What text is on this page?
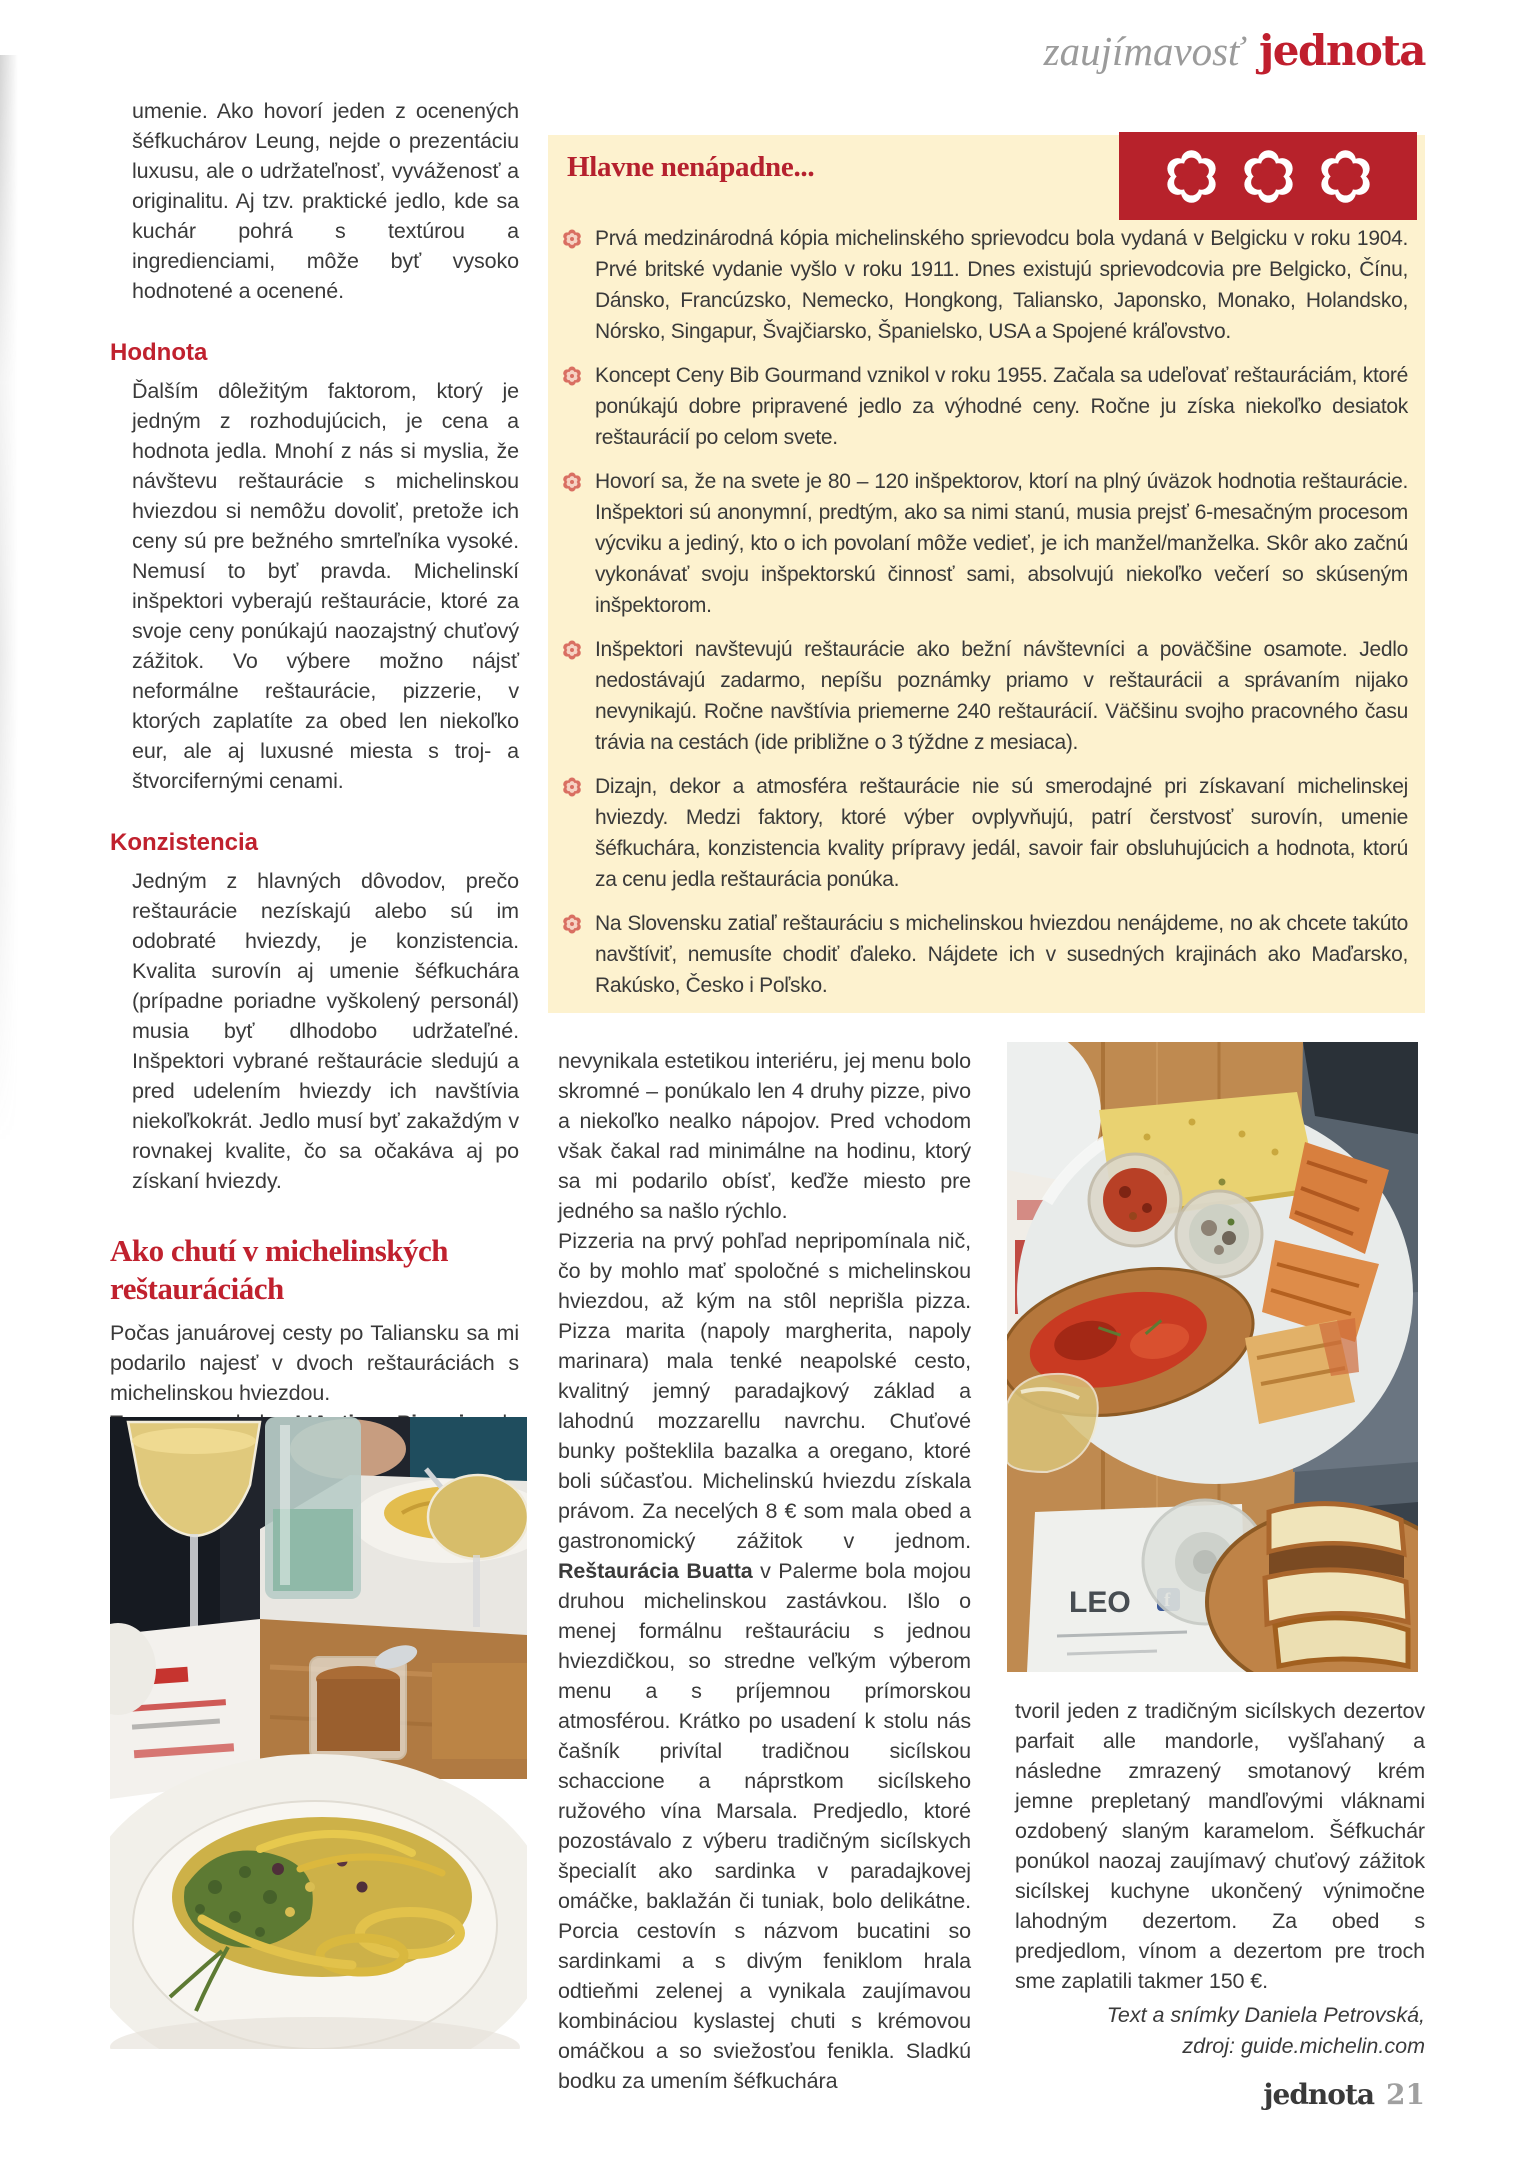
zaujímavosť jednota

umenie. Ako hovorí jeden z ocenených šéfkuchárov Leung, nejde o prezentáciu luxusu, ale o udržateľnosť, vyváženosť a originalitu. Aj tzv. praktické jedlo, kde sa kuchár pohrá s textúrou a ingredienciami, môže byť vysoko hodnotené a ocenené.

Hodnota

Ďalším dôležitým faktorom, ktorý je jedným z rozhodujúcich, je cena a hodnota jedla. Mnohí z nás si myslia, že návštevu reštaurácie s michelinskou hviezdou si nemôžu dovoliť, pretože ich ceny sú pre bežného smrteľníka vysoké. Nemusí to byť pravda. Michelinskí inšpektori vyberajú reštaurácie, ktoré za svoje ceny ponúkajú naozajstný chuťový zážitok. Vo výbere možno nájsť neformálne reštaurácie, pizzerie, v ktorých zaplatíte za obed len niekoľko eur, ale aj luxusné miesta s troj- a štvorcifernými cenami.

Konzistencia

Jedným z hlavných dôvodov, prečo reštaurácie nezískajú alebo sú im odobraté hviezdy, je konzistencia. Kvalita surovín aj umenie šéfkuchára (prípadne poriadne vyškolený personál) musia byť dlhodobo udržateľné. Inšpektori vybrané reštaurácie sledujú a pred udelením hviezdy ich navštívia niekoľkokrát. Jedlo musí byť zakaždým v rovnakej kvalite, čo sa očakáva aj po získaní hviezdy.

Ako chutí v michelinských reštauráciách

Počas januárovej cesty po Taliansku sa mi podarilo najesť v dvoch reštauráciách s michelinskou hviezdou.

Hlavne nenápadne...
Prvá medzinárodná kópia michelinského sprievodcu bola vydaná v Belgicku v roku 1904. Prvé britské vydanie vyšlo v roku 1911. Dnes existujú sprievodcovia pre Belgicko, Čínu, Dánsko, Francúzsko, Nemecko, Hongkong, Taliansko, Japonsko, Monako, Holandsko, Nórsko, Singapur, Švajčiarsko, Španielsko, USA a Spojené kráľovstvo.
Koncept Ceny Bib Gourmand vznikol v roku 1955. Začala sa udeľovať reštauráciám, ktoré ponúkajú dobre pripravené jedlo za výhodné ceny. Ročne ju získa niekoľko desiatok reštaurácií po celom svete.
Hovorí sa, že na svete je 80 – 120 inšpektorov, ktorí na plný úväzok hodnotia reštaurácie. Inšpektori sú anonymní, predtým, ako sa nimi stanú, musia prejsť 6-mesačným procesom výcviku a jediný, kto o ich povolaní môže vedieť, je ich manžel/manželka. Skôr ako začnú vykonávať svoju inšpektorskú činnosť sami, absolvujú niekoľko večerí so skúseným inšpektorom.
Inšpektori navštevujú reštaurácie ako bežní návštevníci a poväčšine osamote. Jedlo nedostávajú zadarmo, nepíšu poznámky priamo v reštaurácii a správaním nijako nevynikajú. Ročne navštívia priemerne 240 reštaurácií. Väčšinu svojho pracovného času trávia na cestách (ide približne o 3 týždne z mesiaca).
Dizajn, dekor a atmosféra reštaurácie nie sú smerodajné pri získavaní michelinskej hviezdy. Medzi faktory, ktoré výber ovplyvňujú, patrí čerstvosť surovín, umenie šéfkuchára, konzistencia kvality prípravy jedál, savoir fair obsluhujúcich a hodnota, ktorú za cenu jedla reštaurácia ponúka.
Na Slovensku zatiaľ reštauráciu s michelinskou hviezdou nenájdeme, no ak chcete takúto navštíviť, nemusíte chodiť ďaleko. Nájdete ich v susedných krajinách ako Maďarsko, Rakúsko, Česko i Poľsko.

nevynikala estetikou interiéru, jej menu bolo skromné – ponúkalo len 4 druhy pizze, pivo a niekoľko nealko nápojov. Pred vchodom však čakal rad minimálne na hodinu, ktorý sa mi podarilo obísť, keďže miesto pre jedného sa našlo rýchlo.

Pizzeria na prvý pohľad nepripomínala nič, čo by mohlo mať spoločné s michelinskou hviezdou, až kým na stôl neprišla pizza. Pizza marita (napoly margherita, napoly marinara) mala tenké neapolské cesto, kvalitný jemný paradajkový základ a lahodnú mozzarellu navrchu. Chuťové bunky pošteklila bazalka a oregano, ktoré boli súčasťou. Michelinskú hviezdu získala právom. Za necelých 8 € som mala obed a gastronomický zážitok v jednom. Reštaurácia Buatta v Palerme bola mojou druhou michelinskou zastávkou. Išlo o menej formálnu reštauráciu s jednou hviezdičkou, so stredne veľkým výberom menu a s príjemnou prímorskou atmosférou. Krátko po usadení k stolu nás čašník privítal tradičnou sicílskou schaccione a náprstkom sicílskeho ružového vína Marsala. Predjedlo, ktoré pozostávalo z výberu tradičným sicílskych špecialít ako sardinka v paradajkovej omáčke, baklažán či tuniak, bolo delikátne. Porcia cestovín s názvom bucatini so sardinkami a s divým feniklom hrala odtieňmi zelenej a vynikala zaujímavou kombináciou kyslastej chuti s krémovou omáčkou a so sviežosťou fenikla. Sladkú bodku za umením šéfkuchára

tvoril jeden z tradičným sicílskych dezertov parfait alle mandorle, vyšľahaný a následne zmrazený smotanový krém jemne prepletaný mandľovými vláknami ozdobený slaným karamelom. Šéfkuchár ponúkol naozaj zaujímavý chuťový zážitok sicílskej kuchyne ukončený výnimočne lahodným dezertom. Za obed s predjedlom, vínom a dezertom pre troch sme zaplatili takmer 150 €.

Text a snímky Daniela Petrovská,
zdroj: guide.michelin.com
LEO
jednota 21
